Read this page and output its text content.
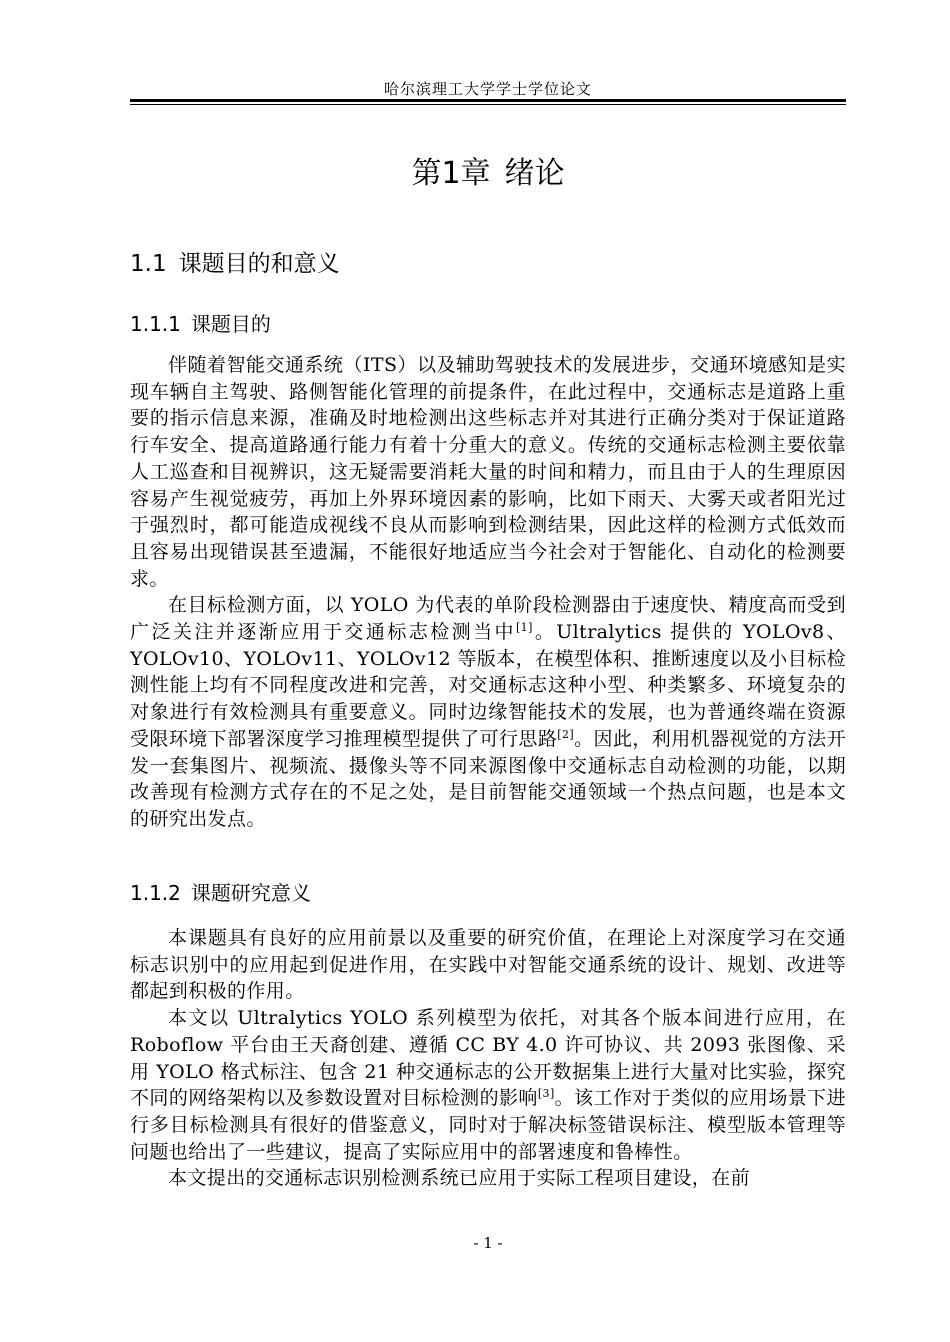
哈尔滨理工大学学士学位论文
第1章 绪论
1.1 课题目的和意义
1.1.1 课题目的

伴随着智能交通系统（ITS）以及辅助驾驶技术的发展进步，交通环境感知是实现车辆自主驾驶、路侧智能化管理的前提条件，在此过程中，交通标志是道路上重要的指示信息来源，准确及时地检测出这些标志并对其进行正确分类对于保证道路行车安全、提高道路通行能力有着十分重大的意义。传统的交通标志检测主要依靠人工巡查和目视辨识，这无疑需要消耗大量的时间和精力，而且由于人的生理原因容易产生视觉疲劳，再加上外界环境因素的影响，比如下雨天、大雾天或者阳光过于强烈时，都可能造成视线不良从而影响到检测结果，因此这样的检测方式低效而且容易出现错误甚至遗漏，不能很好地适应当今社会对于智能化、自动化的检测要求。

在目标检测方面，以 YOLO 为代表的单阶段检测器由于速度快、精度高而受到广泛关注并逐渐应用于交通标志检测当中[1]。Ultralytics 提供的 YOLOv8、YOLOv10、YOLOv11、YOLOv12 等版本，在模型体积、推断速度以及小目标检测性能上均有不同程度改进和完善，对交通标志这种小型、种类繁多、环境复杂的对象进行有效检测具有重要意义。同时边缘智能技术的发展，也为普通终端在资源受限环境下部署深度学习推理模型提供了可行思路[2]。因此，利用机器视觉的方法开发一套集图片、视频流、摄像头等不同来源图像中交通标志自动检测的功能，以期改善现有检测方式存在的不足之处，是目前智能交通领域一个热点问题，也是本文的研究出发点。

1.1.2 课题研究意义

本课题具有良好的应用前景以及重要的研究价值，在理论上对深度学习在交通标志识别中的应用起到促进作用，在实践中对智能交通系统的设计、规划、改进等都起到积极的作用。

本文以 Ultralytics YOLO 系列模型为依托，对其各个版本间进行应用，在 Roboflow 平台由王天裔创建、遵循 CC BY 4.0 许可协议、共 2093 张图像、采用 YOLO 格式标注、包含 21 种交通标志的公开数据集上进行大量对比实验，探究不同的网络架构以及参数设置对目标检测的影响[3]。该工作对于类似的应用场景下进行多目标检测具有很好的借鉴意义，同时对于解决标签错误标注、模型版本管理等问题也给出了一些建议，提高了实际应用中的部署速度和鲁棒性。

本文提出的交通标志识别检测系统已应用于实际工程项目建设，在前

- 1 -
